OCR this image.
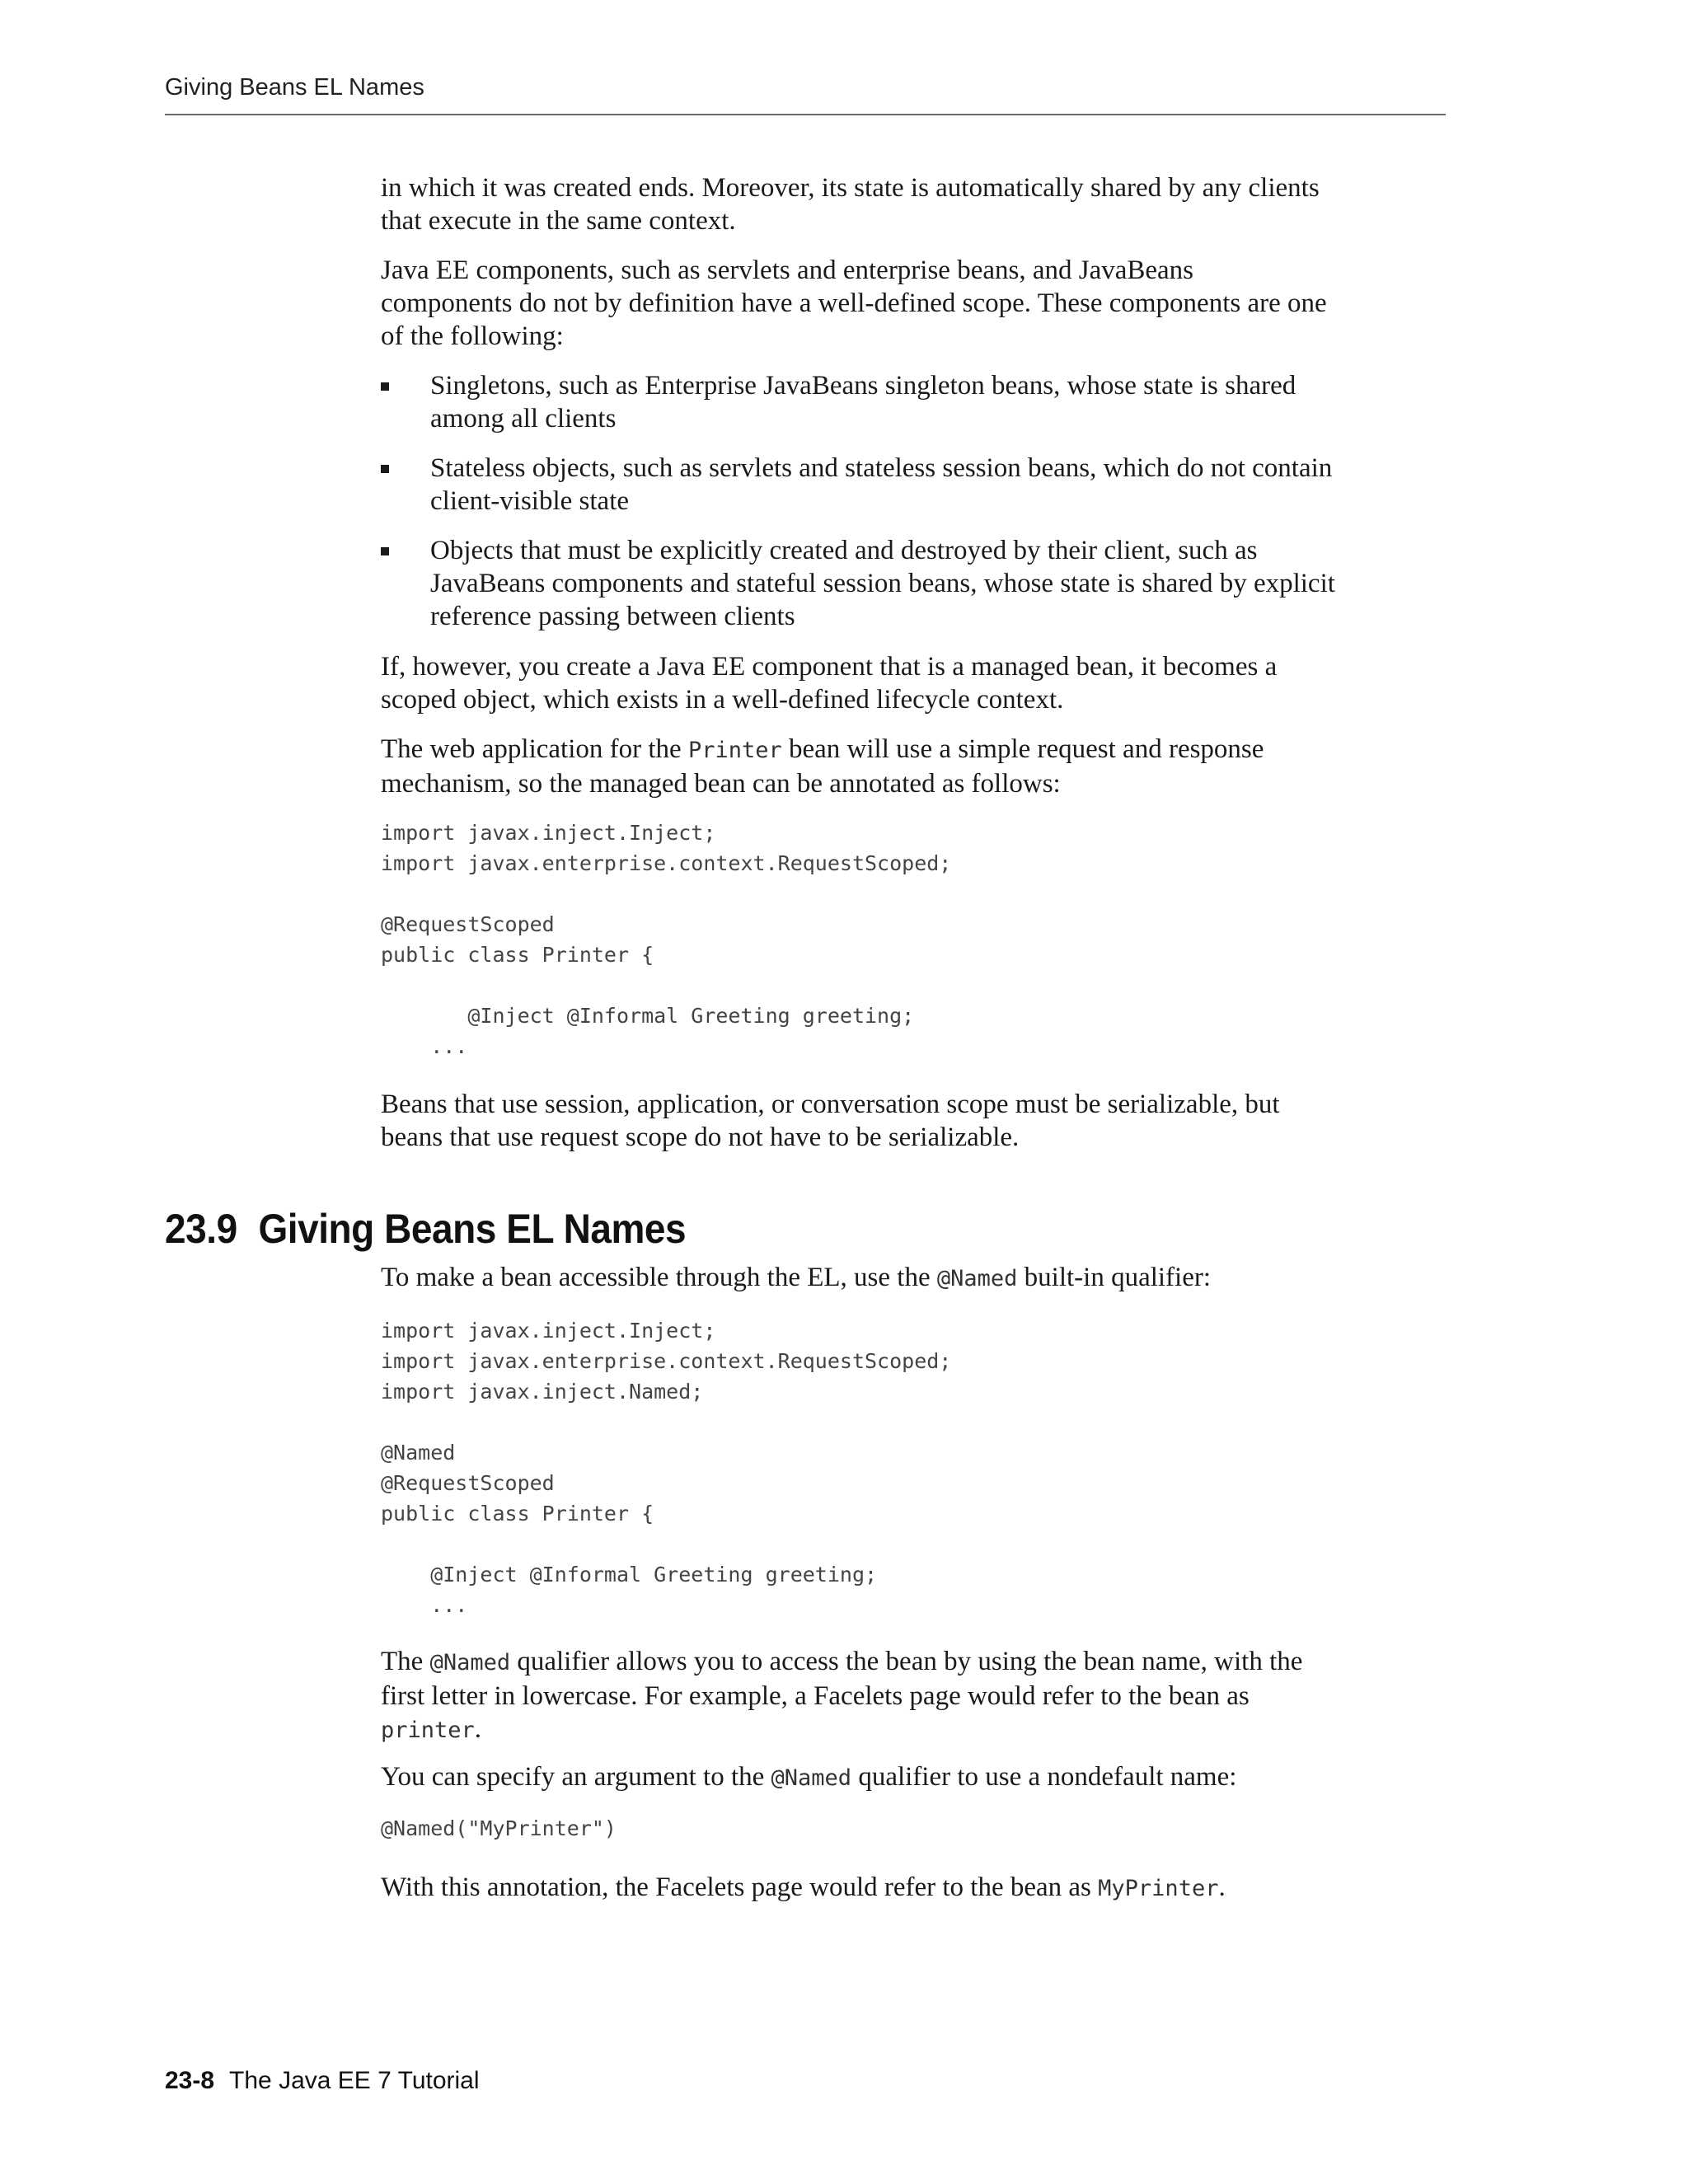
Giving Beans EL Names

in which it was created ends. Moreover, its state is automatically shared by any clients
that execute in the same context.

Java EE components, such as servlets and enterprise beans, and JavaBeans
components do not by definition have a well-defined scope. These components are one
of the following:

Singletons, such as Enterprise JavaBeans singleton beans, whose state is shared
among all clients
Stateless objects, such as servlets and stateless session beans, which do not contain
client-visible state
Objects that must be explicitly created and destroyed by their client, such as
JavaBeans components and stateful session beans, whose state is shared by explicit
reference passing between clients

If, however, you create a Java EE component that is a managed bean, it becomes a
scoped object, which exists in a well-defined lifecycle context.

The web application for the Printer bean will use a simple request and response
mechanism, so the managed bean can be annotated as follows:

import javax.inject.Inject;
import javax.enterprise.context.RequestScoped;

@RequestScoped
public class Printer {

@Inject @Informal Greeting greeting;
...

Beans that use session, application, or conversation scope must be serializable, but
beans that use request scope do not have to be serializable.

23.9 Giving Beans EL Names

To make a bean accessible through the EL, use the @Named built-in qualifier:

import javax.inject.Inject;
import javax.enterprise.context.RequestScoped;
import javax.inject.Named;

@Named
@RequestScoped
public class Printer {

@Inject @Informal Greeting greeting;
...

The @Named qualifier allows you to access the bean by using the bean name, with the
first letter in lowercase. For example, a Facelets page would refer to the bean as
printer.

You can specify an argument to the @Named qualifier to use a nondefault name:

@Named("MyPrinter")

With this annotation, the Facelets page would refer to the bean as MyPrinter.

23-8 The Java EE 7 Tutorial
